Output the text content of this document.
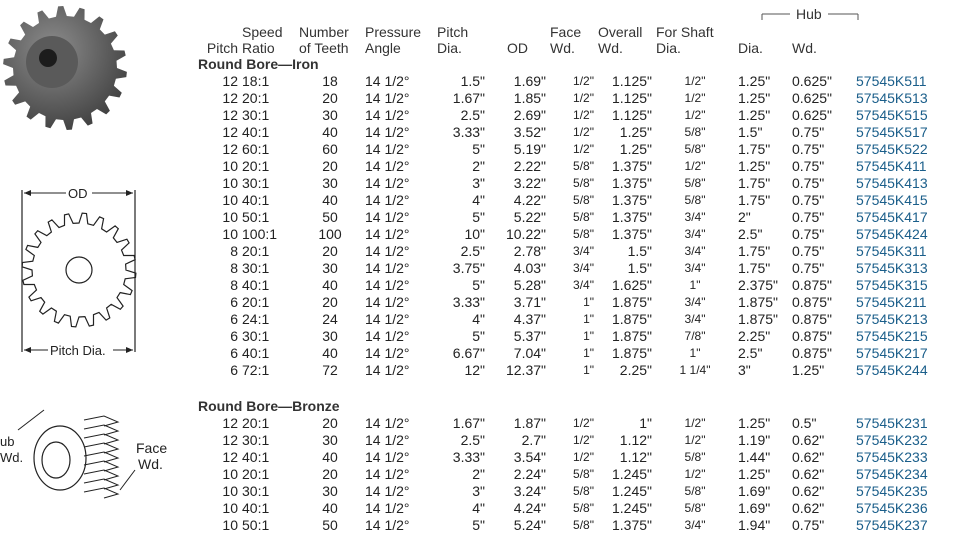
OD
Pitch Dia.
ub
Wd.
Face
Wd.
Hub
	Speed	Number	Pressure	Pitch		Face	Overall	For Shaft			
Pitch	Ratio	of Teeth	Angle	Dia.	OD	Wd.	Wd.	Dia.	Dia.	Wd.	
Round Bore—Iron											
12	18:1	18	14 1/2°	1.5"	1.69"	1/2"	1.125"	1/2"	1.25"	0.625"	57545K511
12	20:1	20	14 1/2°	1.67"	1.85"	1/2"	1.125"	1/2"	1.25"	0.625"	57545K513
12	30:1	30	14 1/2°	2.5"	2.69"	1/2"	1.125"	1/2"	1.25"	0.625"	57545K515
12	40:1	40	14 1/2°	3.33"	3.52"	1/2"	1.25"	5/8"	1.5"	0.75"	57545K517
12	60:1	60	14 1/2°	5"	5.19"	1/2"	1.25"	5/8"	1.75"	0.75"	57545K522
10	20:1	20	14 1/2°	2"	2.22"	5/8"	1.375"	1/2"	1.25"	0.75"	57545K411
10	30:1	30	14 1/2°	3"	3.22"	5/8"	1.375"	5/8"	1.75"	0.75"	57545K413
10	40:1	40	14 1/2°	4"	4.22"	5/8"	1.375"	5/8"	1.75"	0.75"	57545K415
10	50:1	50	14 1/2°	5"	5.22"	5/8"	1.375"	3/4"	2"	0.75"	57545K417
10	100:1	100	14 1/2°	10"	10.22"	5/8"	1.375"	3/4"	2.5"	0.75"	57545K424
8	20:1	20	14 1/2°	2.5"	2.78"	3/4"	1.5"	3/4"	1.75"	0.75"	57545K311
8	30:1	30	14 1/2°	3.75"	4.03"	3/4"	1.5"	3/4"	1.75"	0.75"	57545K313
8	40:1	40	14 1/2°	5"	5.28"	3/4"	1.625"	1"	2.375"	0.875"	57545K315
6	20:1	20	14 1/2°	3.33"	3.71"	1"	1.875"	3/4"	1.875"	0.875"	57545K211
6	24:1	24	14 1/2°	4"	4.37"	1"	1.875"	3/4"	1.875"	0.875"	57545K213
6	30:1	30	14 1/2°	5"	5.37"	1"	1.875"	7/8"	2.25"	0.875"	57545K215
6	40:1	40	14 1/2°	6.67"	7.04"	1"	1.875"	1"	2.5"	0.875"	57545K217
6	72:1	72	14 1/2°	12"	12.37"	1"	2.25"	1 1/4"	3"	1.25"	57545K244

Round Bore—Bronze											
12	20:1	20	14 1/2°	1.67"	1.87"	1/2"	1"	1/2"	1.25"	0.5"	57545K231
12	30:1	30	14 1/2°	2.5"	2.7"	1/2"	1.12"	1/2"	1.19"	0.62"	57545K232
12	40:1	40	14 1/2°	3.33"	3.54"	1/2"	1.12"	5/8"	1.44"	0.62"	57545K233
10	20:1	20	14 1/2°	2"	2.24"	5/8"	1.245"	1/2"	1.25"	0.62"	57545K234
10	30:1	30	14 1/2°	3"	3.24"	5/8"	1.245"	5/8"	1.69"	0.62"	57545K235
10	40:1	40	14 1/2°	4"	4.24"	5/8"	1.245"	5/8"	1.69"	0.62"	57545K236
10	50:1	50	14 1/2°	5"	5.24"	5/8"	1.375"	3/4"	1.94"	0.75"	57545K237
